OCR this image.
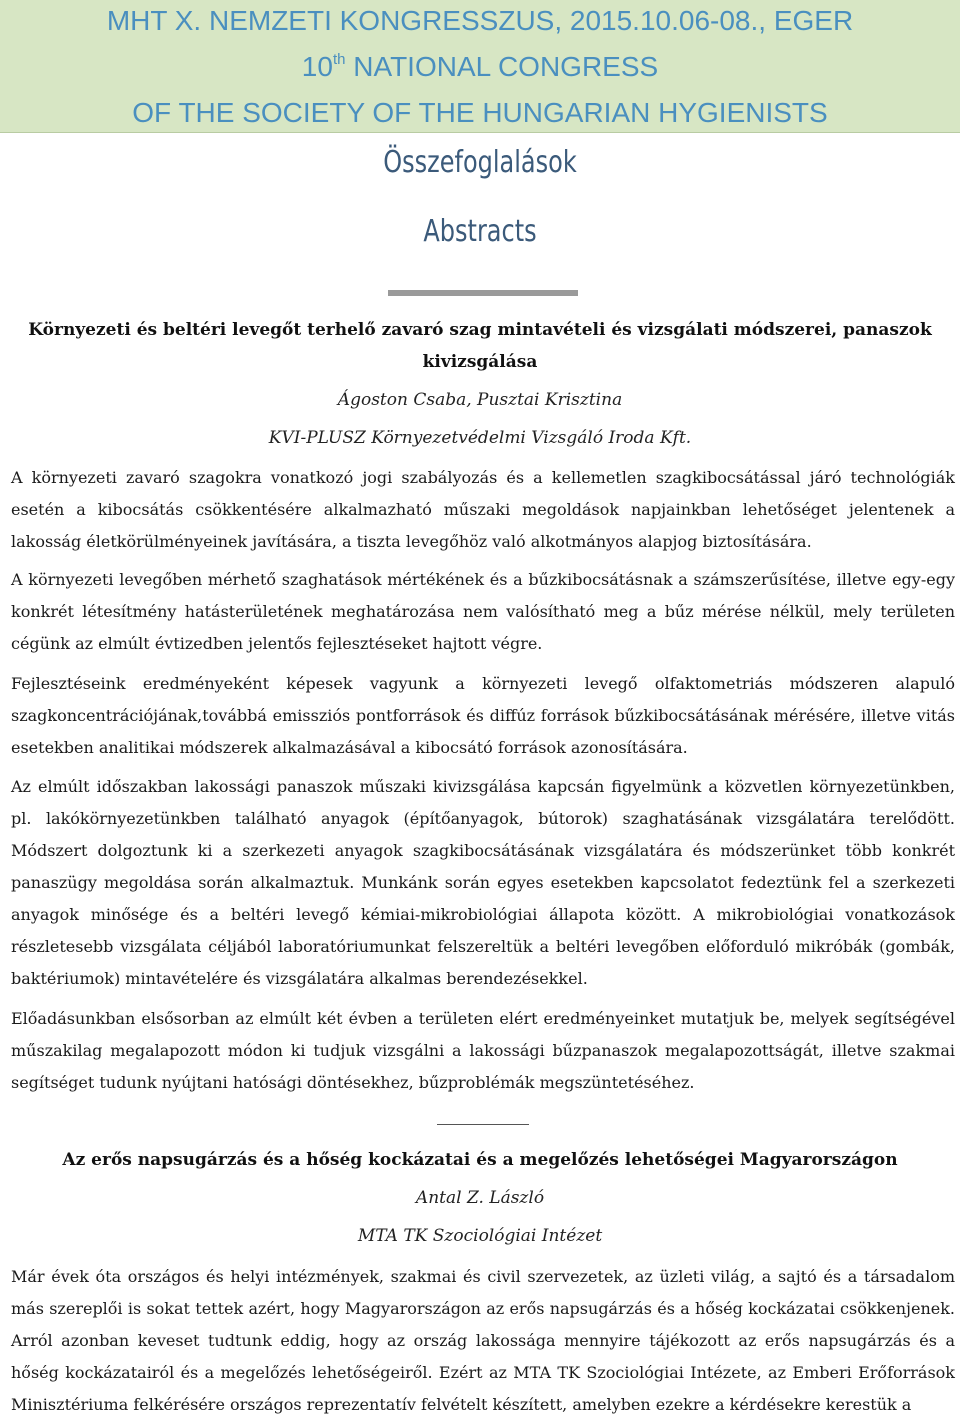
MHT X. NEMZETI KONGRESSZUS, 2015.10.06-08., EGER
10th NATIONAL CONGRESS
OF THE SOCIETY OF THE HUNGARIAN HYGIENISTS
Összefoglalások
Abstracts
Környezeti és beltéri levegőt terhelő zavaró szag mintavételi és vizsgálati módszerei, panaszok
kivizsgálása
Ágoston Csaba, Pusztai Krisztina
KVI-PLUSZ Környezetvédelmi Vizsgáló Iroda Kft.

A környezeti zavaró szagokra vonatkozó jogi szabályozás és a kellemetlen szagkibocsátással járó technológiák esetén a kibocsátás csökkentésére alkalmazható műszaki megoldások napjainkban lehetőséget jelentenek a lakosság életkörülményeinek javítására, a tiszta levegőhöz való alkotmányos alapjog biztosítására.

A környezeti levegőben mérhető szaghatások mértékének és a bűzkibocsátásnak a számszerűsítése, illetve egy-egy konkrét létesítmény hatásterületének meghatározása nem valósítható meg a bűz mérése nélkül, mely területen cégünk az elmúlt évtizedben jelentős fejlesztéseket hajtott végre.

Fejlesztéseink eredményeként képesek vagyunk a környezeti levegő olfaktometriás módszeren alapuló szagkoncentrációjának,továbbá emissziós pontforrások és diffúz források bűzkibocsátásának mérésére, illetve vitás esetekben analitikai módszerek alkalmazásával a kibocsátó források azonosítására.

Az elmúlt időszakban lakossági panaszok műszaki kivizsgálása kapcsán figyelmünk a közvetlen környezetünkben, pl. lakókörnyezetünkben található anyagok (építőanyagok, bútorok) szaghatásának vizsgálatára terelődött. Módszert dolgoztunk ki a szerkezeti anyagok szagkibocsátásának vizsgálatára és módszerünket több konkrét panaszügy megoldása során alkalmaztuk. Munkánk során egyes esetekben kapcsolatot fedeztünk fel a szerkezeti anyagok minősége és a beltéri levegő kémiai-mikrobiológiai állapota között. A mikrobiológiai vonatkozások részletesebb vizsgálata céljából laboratóriumunkat felszereltük a beltéri levegőben előforduló mikróbák (gombák, baktériumok) mintavételére és vizsgálatára alkalmas berendezésekkel.

Előadásunkban elsősorban az elmúlt két évben a területen elért eredményeinket mutatjuk be, melyek segítségével műszakilag megalapozott módon ki tudjuk vizsgálni a lakossági bűzpanaszok megalapozottságát, illetve szakmai segítséget tudunk nyújtani hatósági döntésekhez, bűzproblémák megszüntetéséhez.

Az erős napsugárzás és a hőség kockázatai és a megelőzés lehetőségei Magyarországon
Antal Z. László
MTA TK Szociológiai Intézet

Már évek óta országos és helyi intézmények, szakmai és civil szervezetek, az üzleti világ, a sajtó és a társadalom más szereplői is sokat tettek azért, hogy Magyarországon az erős napsugárzás és a hőség kockázatai csökkenjenek. Arról azonban keveset tudtunk eddig, hogy az ország lakossága mennyire tájékozott az erős napsugárzás és a hőség kockázatairól és a megelőzés lehetőségeiről. Ezért az MTA TK Szociológiai Intézete, az Emberi Erőforrások Minisztériuma felkérésére országos reprezentatív felvételt készített, amelyben ezekre a kérdésekre kerestük a
